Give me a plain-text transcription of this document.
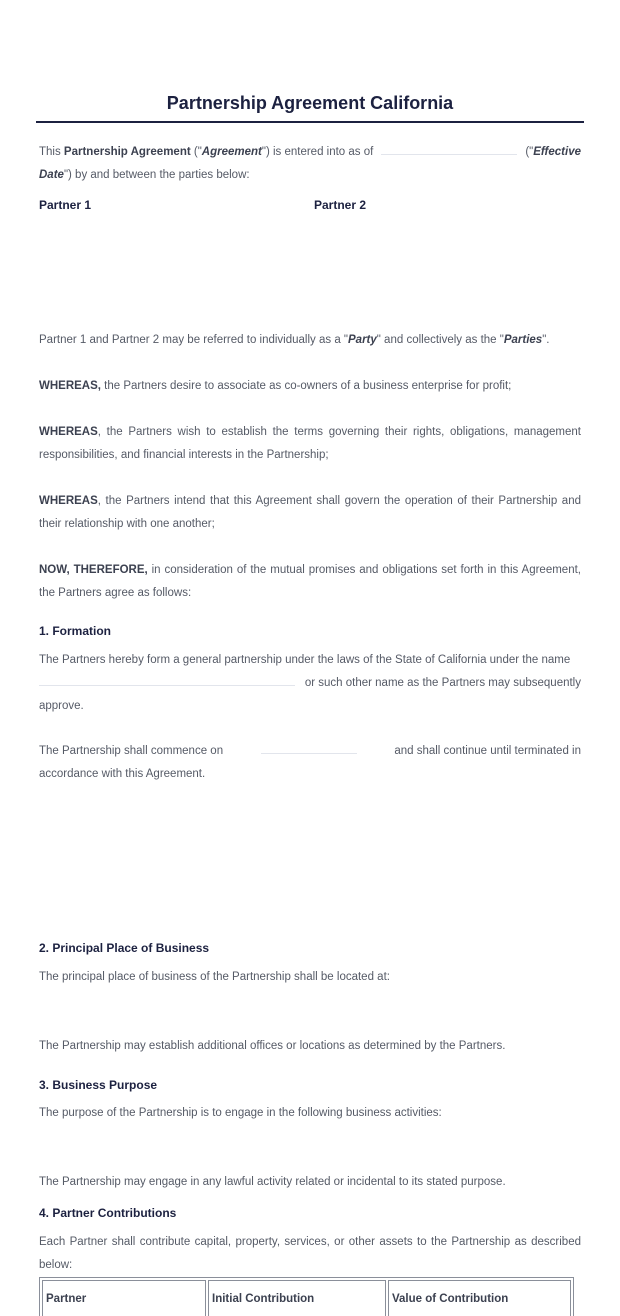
Partnership Agreement California
This Partnership Agreement ("Agreement") is entered into as of	("Effective
Date") by and between the parties below:
Partner 1	Partner 2
Partner 1 and Partner 2 may be referred to individually as a "Party" and collectively as the "Parties".
WHEREAS, the Partners desire to associate as co-owners of a business enterprise for profit;
WHEREAS, the Partners wish to establish the terms governing their rights, obligations, management responsibilities, and financial interests in the Partnership;
WHEREAS, the Partners intend that this Agreement shall govern the operation of their Partnership and their relationship with one another;
NOW, THEREFORE, in consideration of the mutual promises and obligations set forth in this Agreement, the Partners agree as follows:
1. Formation
The Partners hereby form a general partnership under the laws of the State of California under the name
or such other name as the Partners may subsequently
approve.
The Partnership shall commence on	and shall continue until terminated in
accordance with this Agreement.
2. Principal Place of Business
The principal place of business of the Partnership shall be located at:
The Partnership may establish additional offices or locations as determined by the Partners.
3. Business Purpose
The purpose of the Partnership is to engage in the following business activities:
The Partnership may engage in any lawful activity related or incidental to its stated purpose.
4. Partner Contributions
Each Partner shall contribute capital, property, services, or other assets to the Partnership as described below:
Partner	Initial Contribution	Value of Contribution
